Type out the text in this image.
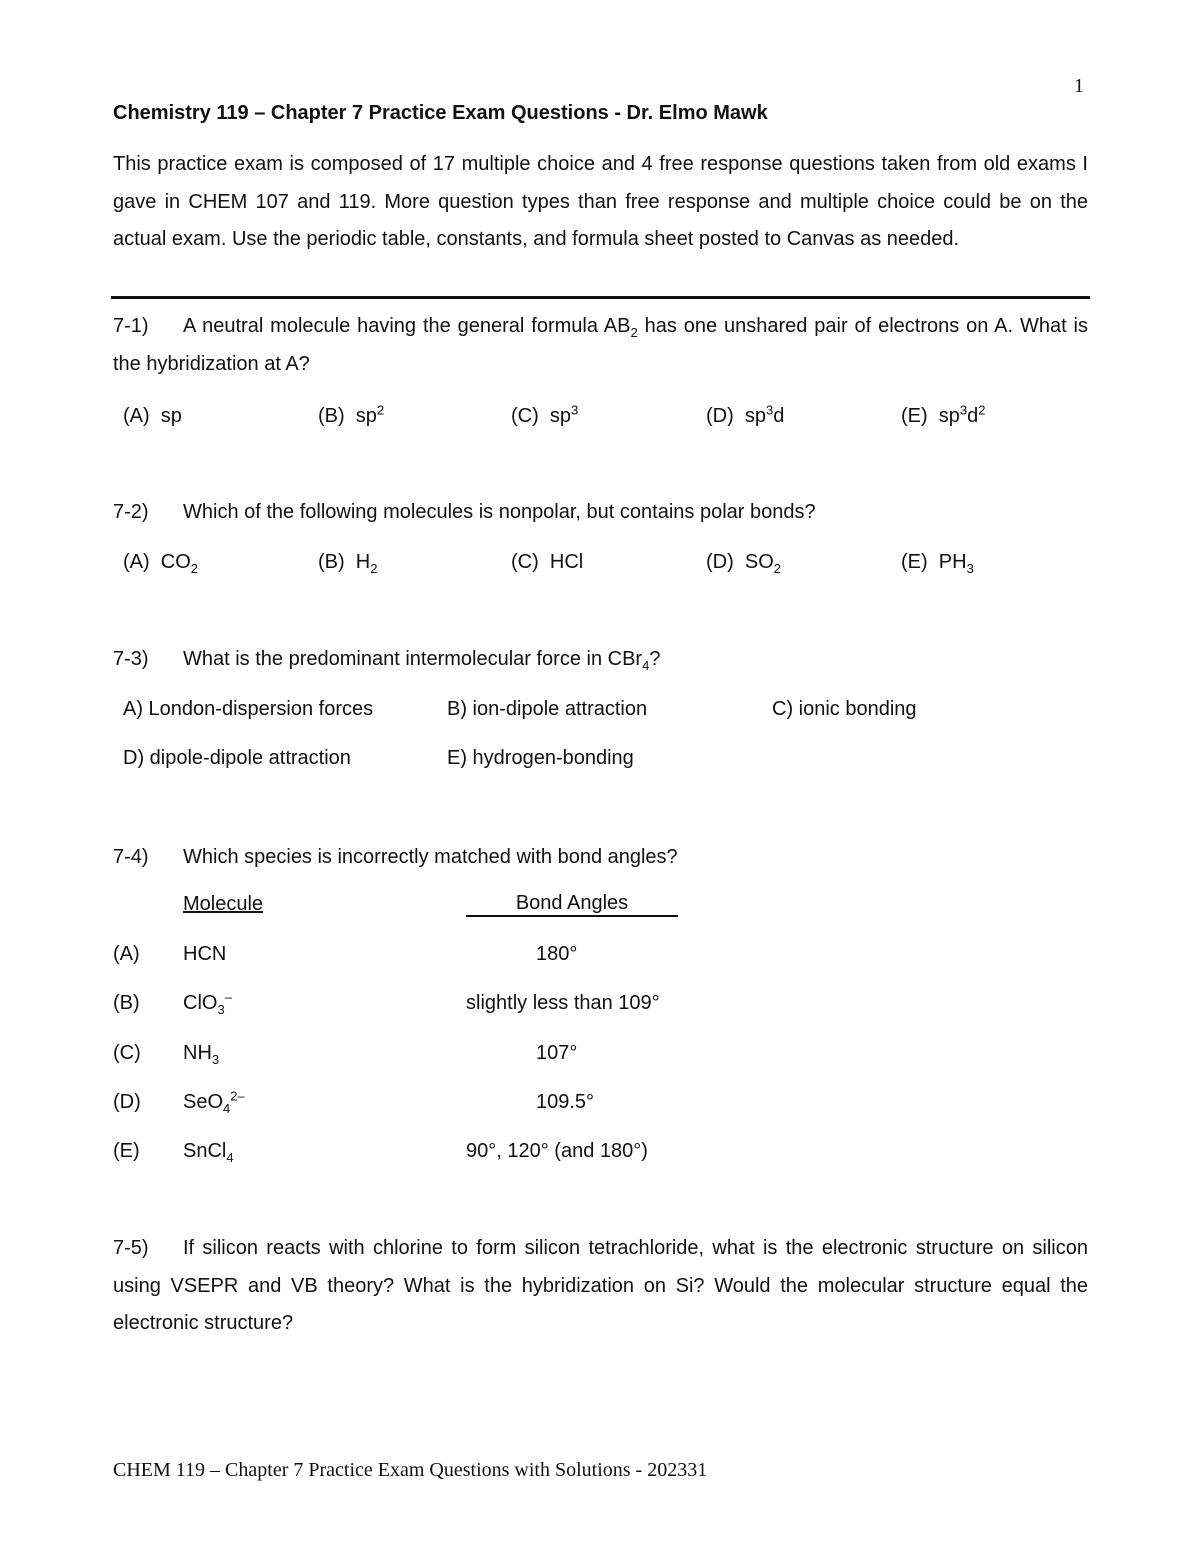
1
Chemistry 119 – Chapter 7 Practice Exam Questions - Dr. Elmo Mawk
This practice exam is composed of 17 multiple choice and 4 free response questions taken from old exams I gave in CHEM 107 and 119. More question types than free response and multiple choice could be on the actual exam. Use the periodic table, constants, and formula sheet posted to Canvas as needed.
7-1) A neutral molecule having the general formula $AB_2$ has one unshared pair of electrons on A. What is the hybridization at A?
(A) sp	(B) $sp^2$	(C) $sp^3$	(D) $sp^3d$	(E) $sp^3d^2$
7-2) Which of the following molecules is nonpolar, but contains polar bonds?
(A) $CO_2$	(B) $H_2$	(C) HCl	(D) $SO_2$	(E) $PH_3$
7-3) What is the predominant intermolecular force in CBr$_4$?
A) London-dispersion forces	B) ion-dipole attraction	C) ionic bonding
D) dipole-dipole attraction	E) hydrogen-bonding
7-4) Which species is incorrectly matched with bond angles?
Molecule	Bond Angles
(A) HCN	180°
(B) ClO$_3$–	slightly less than 109°
(C) $NH_3$	107°
(D) SeO$_4^{2-}$	109.5°
(E) SnCl$_4$	90°, 120° (and 180°)
7-5) If silicon reacts with chlorine to form silicon tetrachloride, what is the electronic structure on silicon using VSEPR and VB theory? What is the hybridization on Si? Would the molecular structure equal the electronic structure?
CHEM 119 – Chapter 7 Practice Exam Questions with Solutions - 202331
